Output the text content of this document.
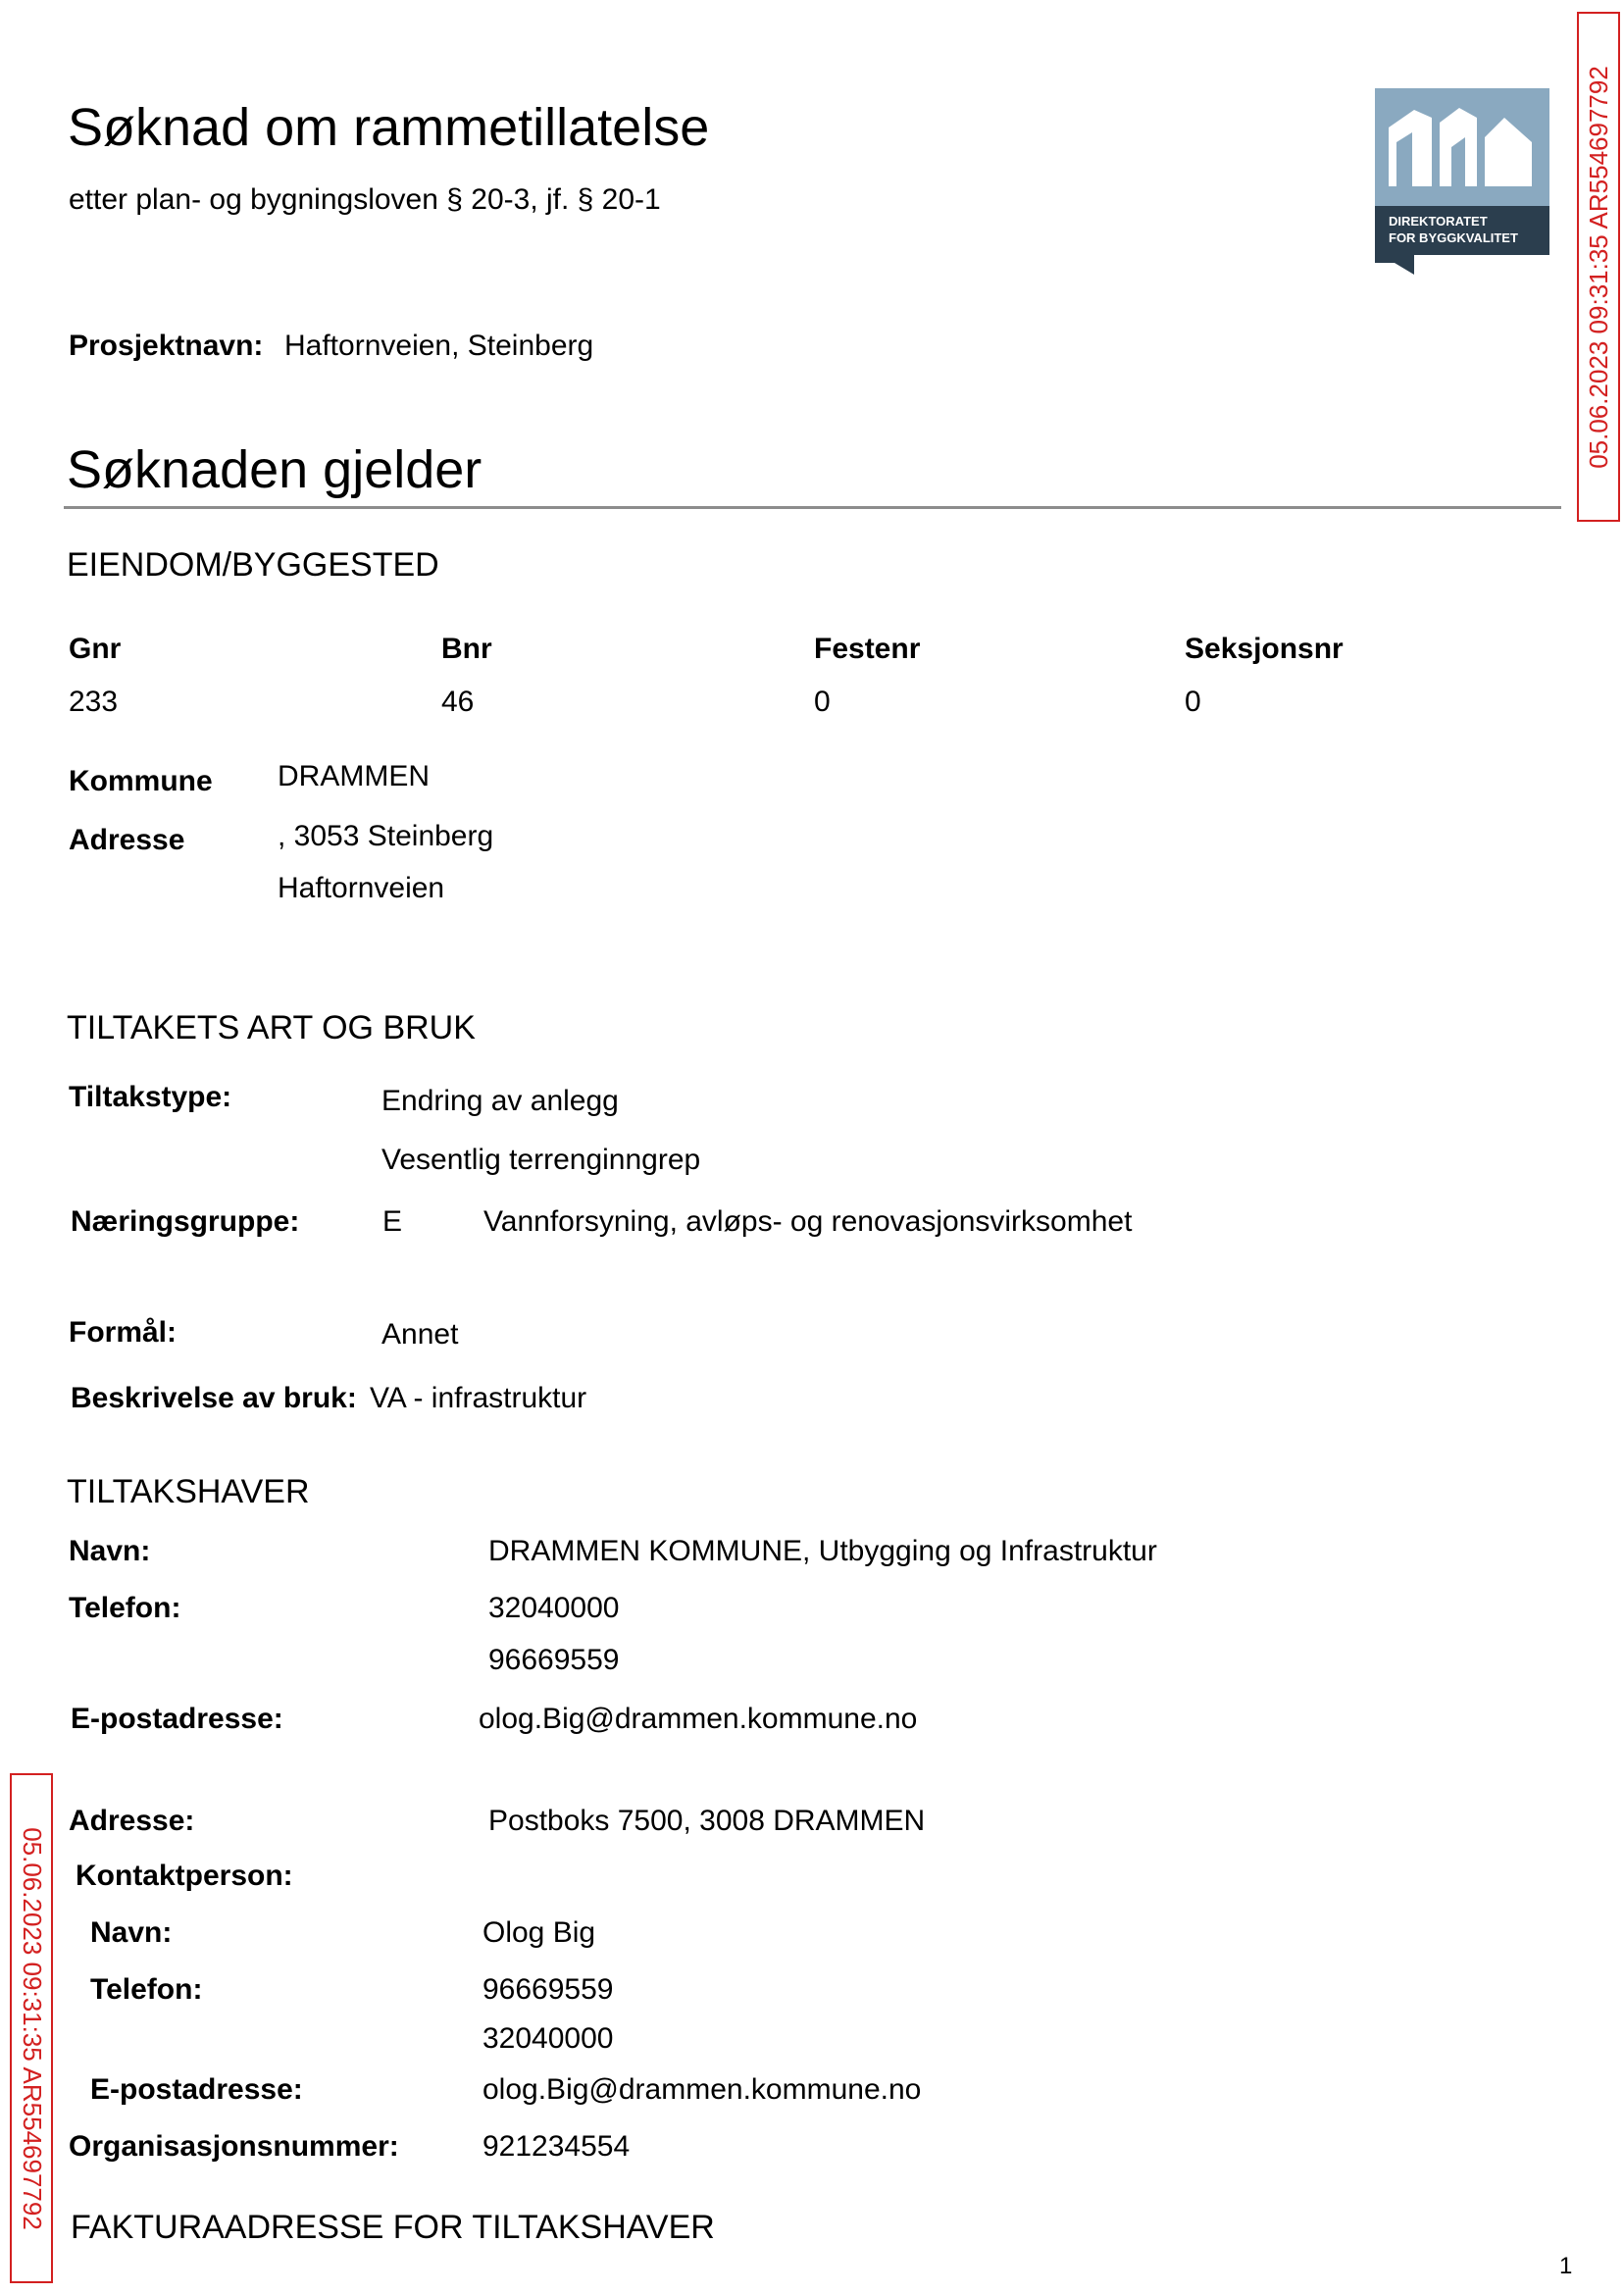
Søknad om rammetillatelse
etter plan- og bygningsloven § 20-3, jf. § 20-1
DIREKTORATET
FOR BYGGKVALITET	05.06.2023 09:31:35 AR554697792
05.06.2023 09:31:35 AR554697792
Prosjektnavn: Haftornveien, Steinberg
Søknaden gjelder
EIENDOM/BYGGESTED
Gnr	Bnr	Festenr	Seksjonsnr
233	46	0	0
Kommune DRAMMEN
Adresse	, 3053 Steinberg
Haftornveien
TILTAKETS ART OG BRUK
Tiltakstype:	Endring av anlegg
Vesentlig terrenginngrep
Næringsgruppe:	E	Vannforsyning, avløps- og renovasjonsvirksomhet
Formål:	Annet
Beskrivelse av bruk: VA - infrastruktur
TILTAKSHAVER
Navn:	DRAMMEN KOMMUNE, Utbygging og Infrastruktur
Telefon:	32040000
96669559
E-postadresse:	olog.Big@drammen.kommune.no
Adresse:	Postboks 7500, 3008 DRAMMEN
Kontaktperson:
Navn:	Olog Big
Telefon:	96669559
32040000
E-postadresse:	olog.Big@drammen.kommune.no
Organisasjonsnummer:	921234554
FAKTURAADRESSE FOR TILTAKSHAVER
1
